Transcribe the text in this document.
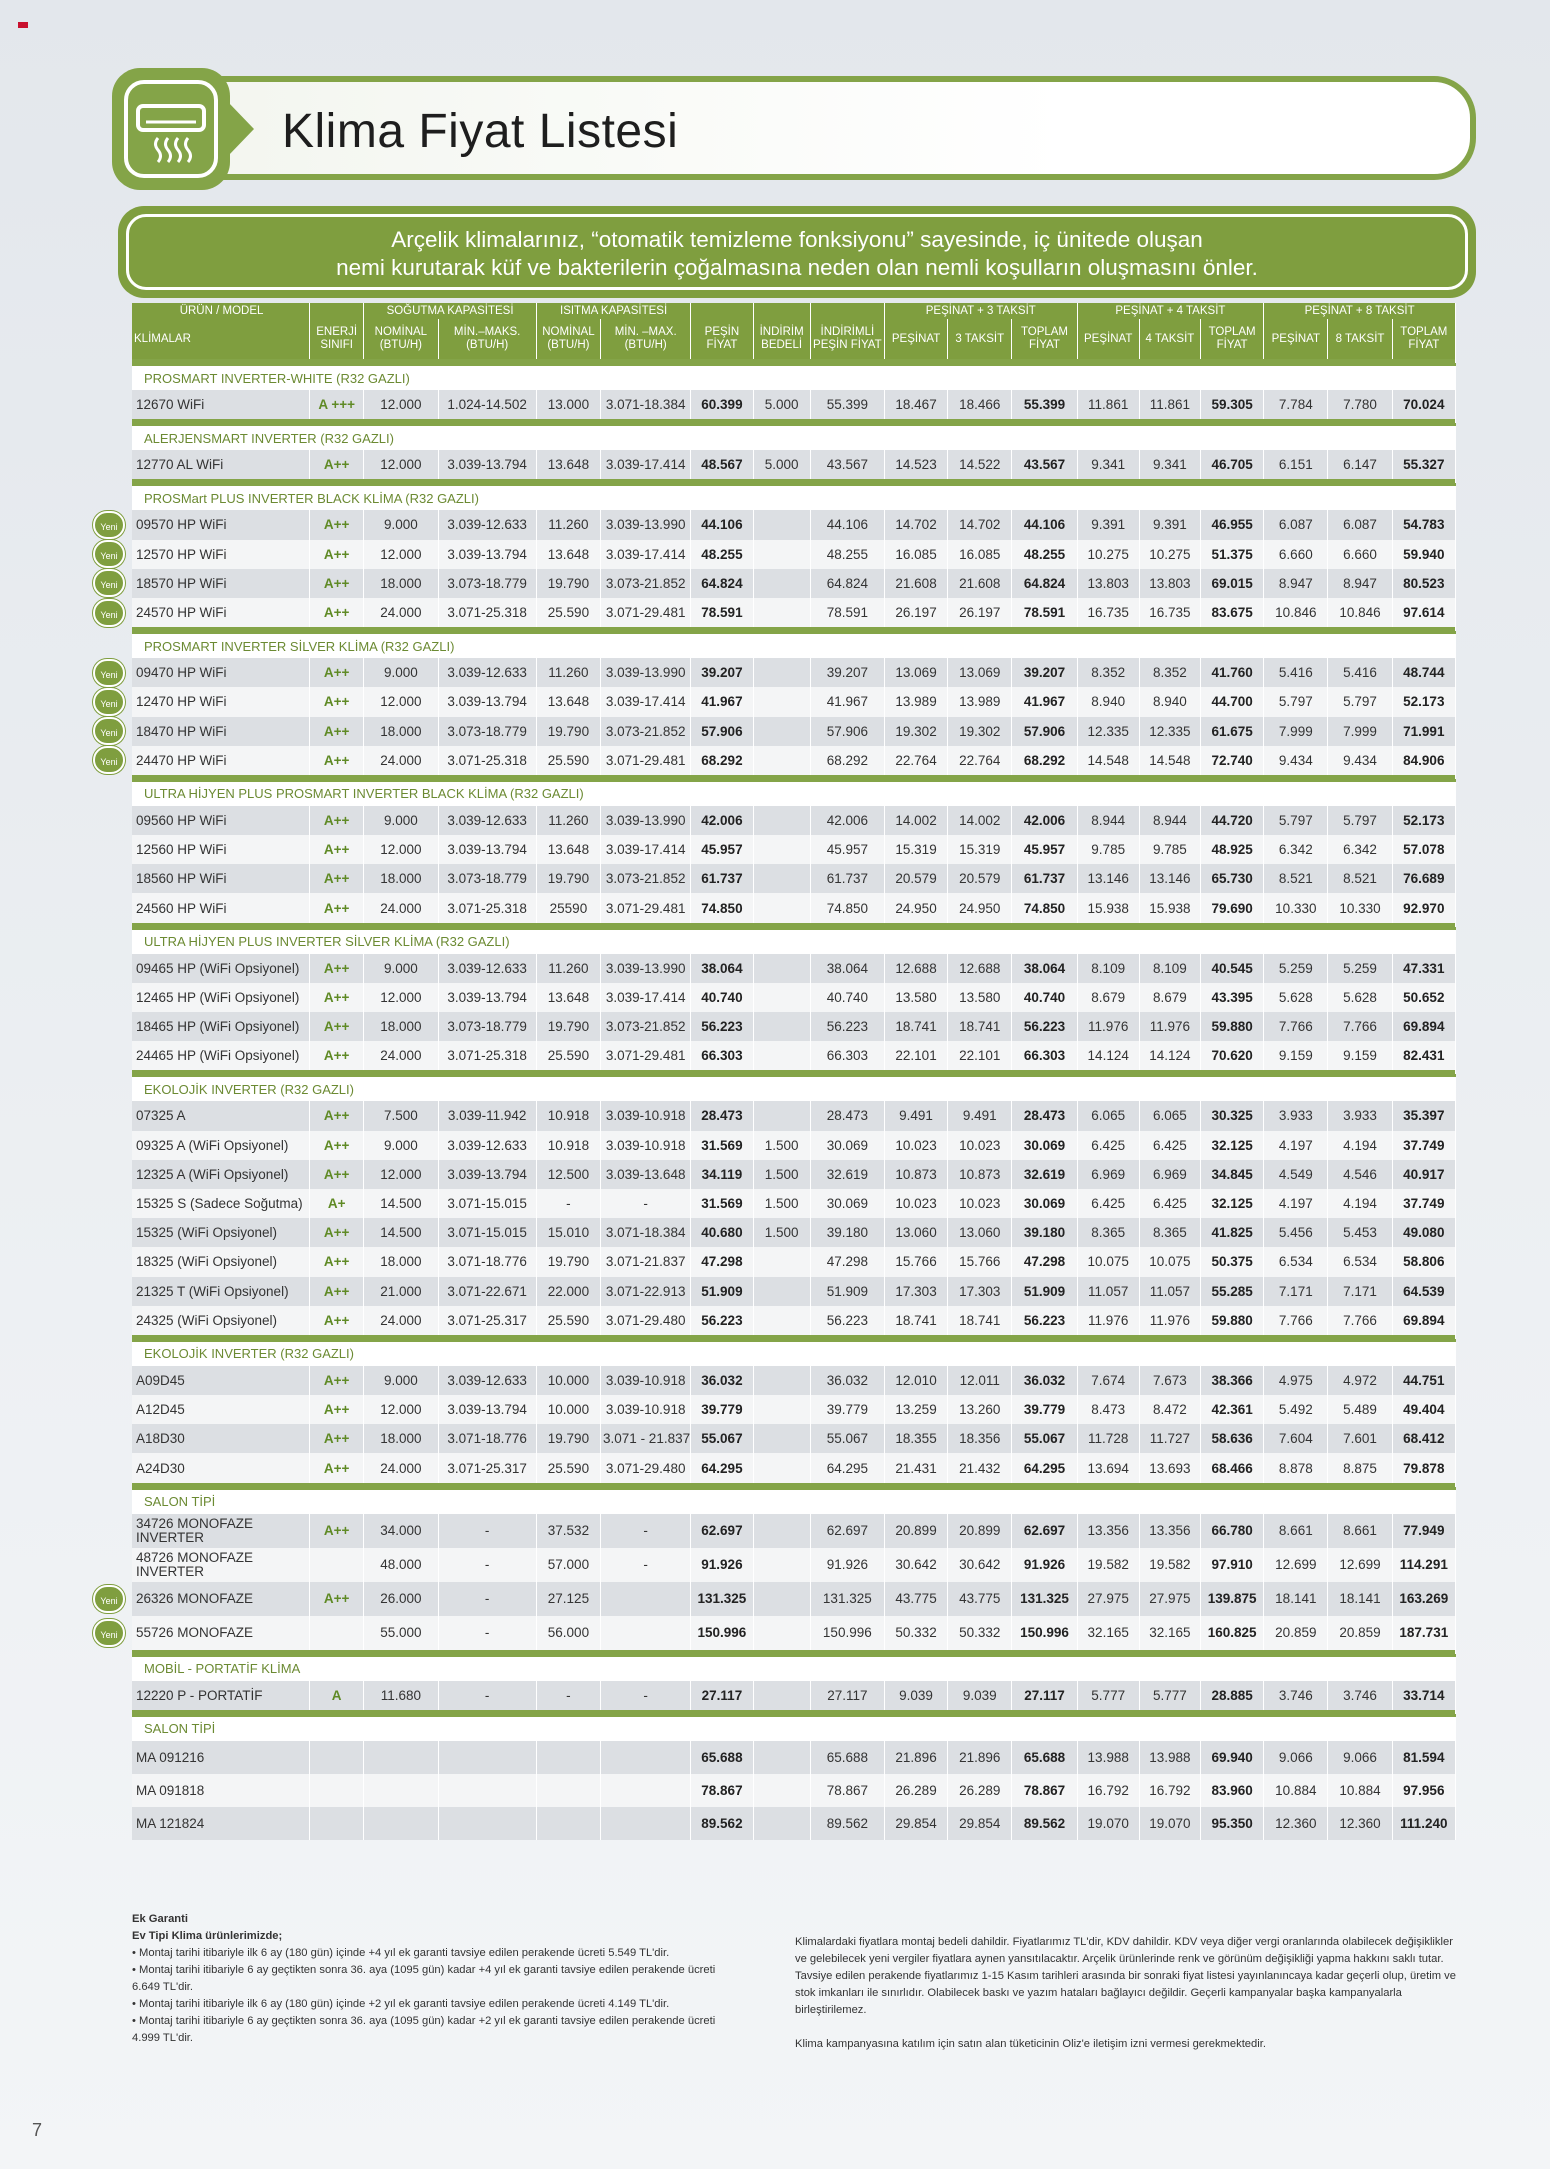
Klima Fiyat Listesi
Arçelik klimalarınız, “otomatik temizleme fonksiyonu” sayesinde, iç ünitede oluşan
nemi kurutarak küf ve bakterilerin çoğalmasına neden olan nemli koşulların oluşmasını önler.
ÜRÜN / MODEL		SOĞUTMA KAPASİTESİ		ISITMA KAPASİTESİ					PEŞİNAT + 3 TAKSİT			PEŞİNAT + 4 TAKSİT			PEŞİNAT + 8 TAKSİT		
KLİMALAR	ENERJİ SINIFI	NOMİNAL (BTU/H)	MİN.–MAKS. (BTU/H)	NOMİNAL (BTU/H)	MİN. –MAX. (BTU/H)	PEŞİN FİYAT	İNDİRİM BEDELİ	İNDİRİMLİ PEŞİN FİYAT	PEŞİNAT	3 TAKSİT	TOPLAM FİYAT	PEŞİNAT	4 TAKSİT	TOPLAM FİYAT	PEŞİNAT	8 TAKSİT	TOPLAM FİYAT

PROSMART INVERTER-WHITE (R32 GAZLI)																	
12670 WiFi	A +++	12.000	1.024-14.502	13.000	3.071-18.384	60.399	5.000	55.399	18.467	18.466	55.399	11.861	11.861	59.305	7.784	7.780	70.024

ALERJENSMART INVERTER (R32 GAZLI)																	
12770 AL WiFi	A++	12.000	3.039-13.794	13.648	3.039-17.414	48.567	5.000	43.567	14.523	14.522	43.567	9.341	9.341	46.705	6.151	6.147	55.327

PROSMart PLUS INVERTER BLACK KLİMA (R32 GAZLI)																	
09570 HP WiFi	A++	9.000	3.039-12.633	11.260	3.039-13.990	44.106		44.106	14.702	14.702	44.106	9.391	9.391	46.955	6.087	6.087	54.783
12570 HP WiFi	A++	12.000	3.039-13.794	13.648	3.039-17.414	48.255		48.255	16.085	16.085	48.255	10.275	10.275	51.375	6.660	6.660	59.940
18570 HP WiFi	A++	18.000	3.073-18.779	19.790	3.073-21.852	64.824		64.824	21.608	21.608	64.824	13.803	13.803	69.015	8.947	8.947	80.523
24570 HP WiFi	A++	24.000	3.071-25.318	25.590	3.071-29.481	78.591		78.591	26.197	26.197	78.591	16.735	16.735	83.675	10.846	10.846	97.614

PROSMART INVERTER SİLVER KLİMA (R32 GAZLI)																	
09470 HP WiFi	A++	9.000	3.039-12.633	11.260	3.039-13.990	39.207		39.207	13.069	13.069	39.207	8.352	8.352	41.760	5.416	5.416	48.744
12470 HP WiFi	A++	12.000	3.039-13.794	13.648	3.039-17.414	41.967		41.967	13.989	13.989	41.967	8.940	8.940	44.700	5.797	5.797	52.173
18470 HP WiFi	A++	18.000	3.073-18.779	19.790	3.073-21.852	57.906		57.906	19.302	19.302	57.906	12.335	12.335	61.675	7.999	7.999	71.991
24470 HP WiFi	A++	24.000	3.071-25.318	25.590	3.071-29.481	68.292		68.292	22.764	22.764	68.292	14.548	14.548	72.740	9.434	9.434	84.906

ULTRA HİJYEN PLUS PROSMART INVERTER BLACK KLİMA (R32 GAZLI)																	
09560 HP WiFi	A++	9.000	3.039-12.633	11.260	3.039-13.990	42.006		42.006	14.002	14.002	42.006	8.944	8.944	44.720	5.797	5.797	52.173
12560 HP WiFi	A++	12.000	3.039-13.794	13.648	3.039-17.414	45.957		45.957	15.319	15.319	45.957	9.785	9.785	48.925	6.342	6.342	57.078
18560 HP WiFi	A++	18.000	3.073-18.779	19.790	3.073-21.852	61.737		61.737	20.579	20.579	61.737	13.146	13.146	65.730	8.521	8.521	76.689
24560 HP WiFi	A++	24.000	3.071-25.318	25590	3.071-29.481	74.850		74.850	24.950	24.950	74.850	15.938	15.938	79.690	10.330	10.330	92.970

ULTRA HİJYEN PLUS INVERTER SİLVER KLİMA (R32 GAZLI)																	
09465 HP (WiFi Opsiyonel)	A++	9.000	3.039-12.633	11.260	3.039-13.990	38.064		38.064	12.688	12.688	38.064	8.109	8.109	40.545	5.259	5.259	47.331
12465 HP (WiFi Opsiyonel)	A++	12.000	3.039-13.794	13.648	3.039-17.414	40.740		40.740	13.580	13.580	40.740	8.679	8.679	43.395	5.628	5.628	50.652
18465 HP (WiFi Opsiyonel)	A++	18.000	3.073-18.779	19.790	3.073-21.852	56.223		56.223	18.741	18.741	56.223	11.976	11.976	59.880	7.766	7.766	69.894
24465 HP (WiFi Opsiyonel)	A++	24.000	3.071-25.318	25.590	3.071-29.481	66.303		66.303	22.101	22.101	66.303	14.124	14.124	70.620	9.159	9.159	82.431

EKOLOJİK INVERTER (R32 GAZLI)																	
07325 A	A++	7.500	3.039-11.942	10.918	3.039-10.918	28.473		28.473	9.491	9.491	28.473	6.065	6.065	30.325	3.933	3.933	35.397
09325 A (WiFi Opsiyonel)	A++	9.000	3.039-12.633	10.918	3.039-10.918	31.569	1.500	30.069	10.023	10.023	30.069	6.425	6.425	32.125	4.197	4.194	37.749
12325 A (WiFi Opsiyonel)	A++	12.000	3.039-13.794	12.500	3.039-13.648	34.119	1.500	32.619	10.873	10.873	32.619	6.969	6.969	34.845	4.549	4.546	40.917
15325 S (Sadece Soğutma)	A+	14.500	3.071-15.015	-	-	31.569	1.500	30.069	10.023	10.023	30.069	6.425	6.425	32.125	4.197	4.194	37.749
15325 (WiFi Opsiyonel)	A++	14.500	3.071-15.015	15.010	3.071-18.384	40.680	1.500	39.180	13.060	13.060	39.180	8.365	8.365	41.825	5.456	5.453	49.080
18325 (WiFi Opsiyonel)	A++	18.000	3.071-18.776	19.790	3.071-21.837	47.298		47.298	15.766	15.766	47.298	10.075	10.075	50.375	6.534	6.534	58.806
21325 T (WiFi Opsiyonel)	A++	21.000	3.071-22.671	22.000	3.071-22.913	51.909		51.909	17.303	17.303	51.909	11.057	11.057	55.285	7.171	7.171	64.539
24325 (WiFi Opsiyonel)	A++	24.000	3.071-25.317	25.590	3.071-29.480	56.223		56.223	18.741	18.741	56.223	11.976	11.976	59.880	7.766	7.766	69.894

EKOLOJİK INVERTER (R32 GAZLI)																	
A09D45	A++	9.000	3.039-12.633	10.000	3.039-10.918	36.032		36.032	12.010	12.011	36.032	7.674	7.673	38.366	4.975	4.972	44.751
A12D45	A++	12.000	3.039-13.794	10.000	3.039-10.918	39.779		39.779	13.259	13.260	39.779	8.473	8.472	42.361	5.492	5.489	49.404
A18D30	A++	18.000	3.071-18.776	19.790	3.071 - 21.837	55.067		55.067	18.355	18.356	55.067	11.728	11.727	58.636	7.604	7.601	68.412
A24D30	A++	24.000	3.071-25.317	25.590	3.071-29.480	64.295		64.295	21.431	21.432	64.295	13.694	13.693	68.466	8.878	8.875	79.878

SALON TİPİ																	
34726 MONOFAZE INVERTER	A++	34.000	-	37.532	-	62.697		62.697	20.899	20.899	62.697	13.356	13.356	66.780	8.661	8.661	77.949
48726 MONOFAZE INVERTER		48.000	-	57.000	-	91.926		91.926	30.642	30.642	91.926	19.582	19.582	97.910	12.699	12.699	114.291
26326 MONOFAZE	A++	26.000	-	27.125		131.325		131.325	43.775	43.775	131.325	27.975	27.975	139.875	18.141	18.141	163.269
55726 MONOFAZE		55.000	-	56.000		150.996		150.996	50.332	50.332	150.996	32.165	32.165	160.825	20.859	20.859	187.731

MOBİL - PORTATİF KLİMA																	
12220 P - PORTATİF	A	11.680	-	-	-	27.117		27.117	9.039	9.039	27.117	5.777	5.777	28.885	3.746	3.746	33.714

SALON TİPİ																	
MA 091216						65.688		65.688	21.896	21.896	65.688	13.988	13.988	69.940	9.066	9.066	81.594
MA 091818						78.867		78.867	26.289	26.289	78.867	16.792	16.792	83.960	10.884	10.884	97.956
MA 121824						89.562		89.562	29.854	29.854	89.562	19.070	19.070	95.350	12.360	12.360	111.240
Yeni
Yeni
Yeni
Yeni
Yeni
Yeni
Yeni
Yeni
Yeni
Yeni
Ek Garanti
Ev Tipi Klima ürünlerimizde;
• Montaj tarihi itibariyle ilk 6 ay (180 gün) içinde +4 yıl ek garanti tavsiye edilen perakende ücreti 5.549 TL'dir.
• Montaj tarihi itibariyle 6 ay geçtikten sonra 36. aya (1095 gün) kadar +4 yıl ek garanti tavsiye edilen perakende ücreti 6.649 TL'dir.
• Montaj tarihi itibariyle ilk 6 ay (180 gün) içinde +2 yıl ek garanti tavsiye edilen perakende ücreti 4.149 TL'dir.
• Montaj tarihi itibariyle 6 ay geçtikten sonra 36. aya (1095 gün) kadar +2 yıl ek garanti tavsiye edilen perakende ücreti 4.999 TL'dir.
Klimalardaki fiyatlara montaj bedeli dahildir. Fiyatlarımız TL'dir, KDV dahildir. KDV veya diğer vergi oranlarında olabilecek değişiklikler ve gelebilecek yeni vergiler fiyatlara aynen yansıtılacaktır. Arçelik ürünlerinde renk ve görünüm değişikliği yapma hakkını saklı tutar. Tavsiye edilen perakende fiyatlarımız 1-15 Kasım tarihleri arasında bir sonraki fiyat listesi yayınlanıncaya kadar geçerli olup, üretim ve stok imkanları ile sınırlıdır. Olabilecek baskı ve yazım hataları bağlayıcı değildir. Geçerli kampanyalar başka kampanyalarla birleştirilemez.
Klima kampanyasına katılım için satın alan tüketicinin Oliz'e iletişim izni vermesi gerekmektedir.
7
